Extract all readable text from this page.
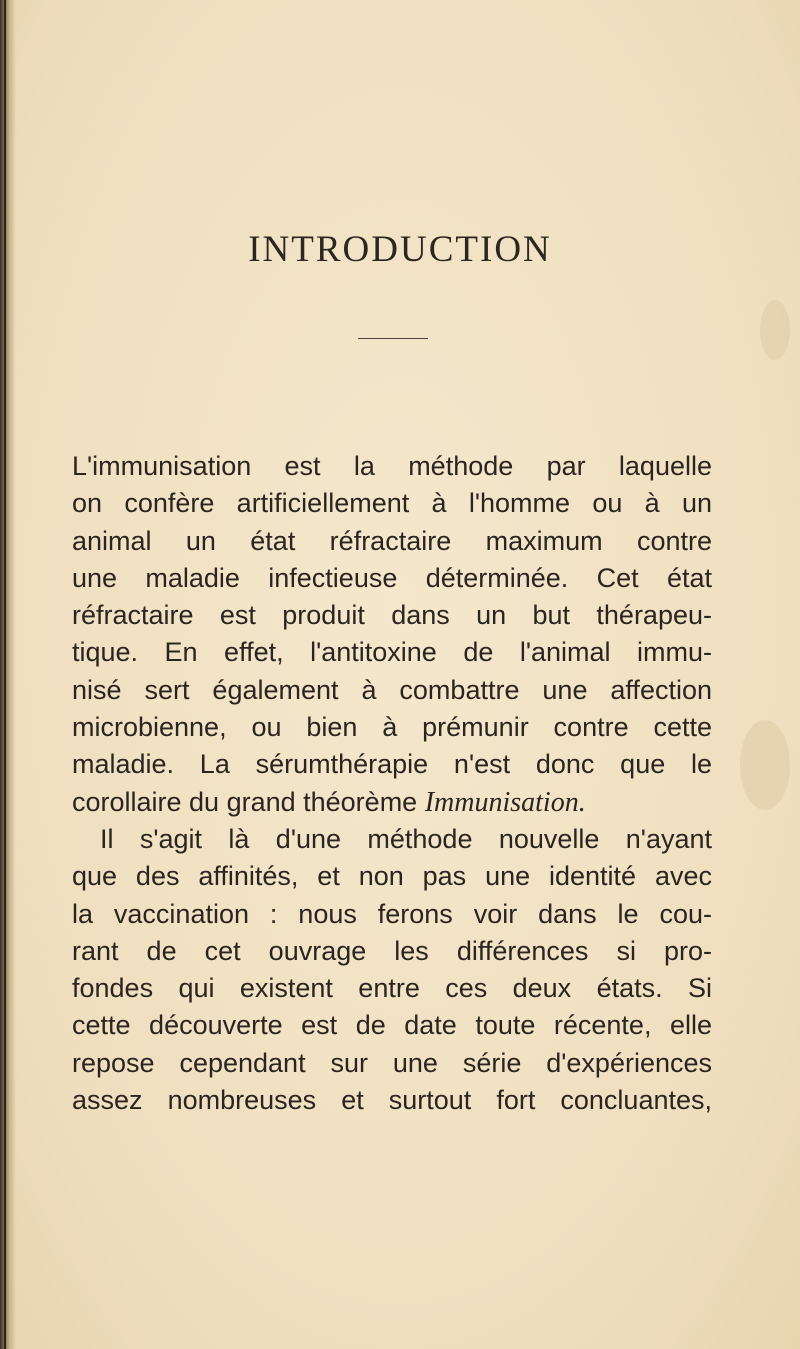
INTRODUCTION
L'immunisation est la méthode par laquelle
on confère artificiellement à l'homme ou à un
animal un état réfractaire maximum contre
une maladie infectieuse déterminée. Cet état
réfractaire est produit dans un but thérapeu-
tique. En effet, l'antitoxine de l'animal immu-
nisé sert également à combattre une affection
microbienne, ou bien à prémunir contre cette
maladie. La sérumthérapie n'est donc que le
corollaire du grand théorème Immunisation.
Il s'agit là d'une méthode nouvelle n'ayant
que des affinités, et non pas une identité avec
la vaccination : nous ferons voir dans le cou-
rant de cet ouvrage les différences si pro-
fondes qui existent entre ces deux états. Si
cette découverte est de date toute récente, elle
repose cependant sur une série d'expériences
assez nombreuses et surtout fort concluantes,
